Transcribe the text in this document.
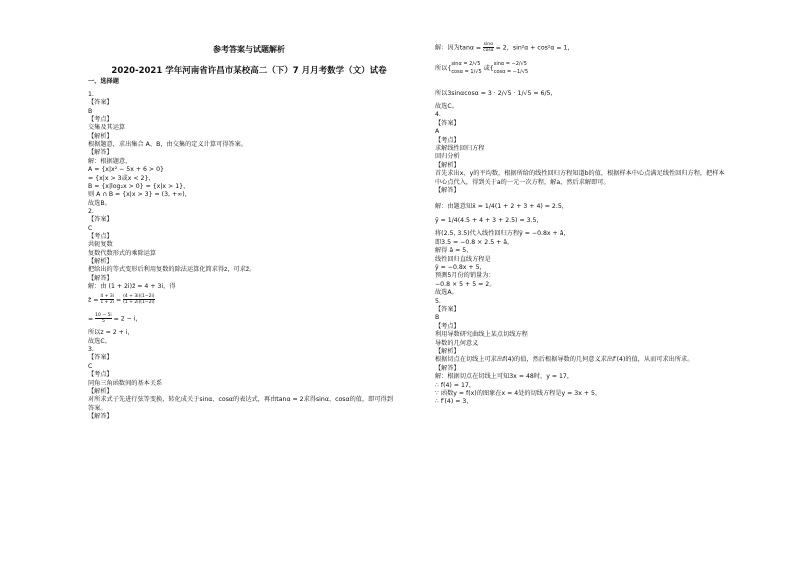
参考答案与试题解析
2020-2021 学年河南省许昌市某校高二（下）7 月月考数学（文）试卷
一、选择题
1.
【答案】
B
【考点】
交集及其运算
【解析】
根据题意，求出集合 A、B，由交集的定义计算可得答案。
【解答】
解：根据题意，
A = {x|x² − 5x + 6 > 0}
= {x|x > 3或x < 2}，
B = {x|log₂x > 0} = {x|x > 1}，
则 A ∩ B = {x|x > 3} = (3, +∞)，
故选B。
2.
【答案】
C
【考点】
共轭复数
复数代数形式的乘除运算
【解析】
把给出的等式变形后利用复数的除法运算化简求得z，可求z̄。
【解答】
解：由 (1 + 2i)z̄ = 4 + 3i，得
z̄ = $\frac{4 + 3i}{1 + 2i} = \frac{(4 + 3i)(1-2i)}{(1 + 2i)(1-2i)}$
= $\frac{10 - 5i}{5} = 2 - i$，
所以z = 2 + i，
故选C。
3.
【答案】
C
【考点】
同角三角函数间的基本关系
【解析】
对所求式子先进行弦等变换，转化成关于sinα、cosα的表达式，再由tanα = 2求得sinα、cosα的值，即可得到
答案。
【解答】
解：因为$\tan\alpha = \frac{\sin\alpha}{\cos\alpha} = 2$，sin²α + cos²α = 1，
所以{
sinα = 2/√5
cosα = 1/√5 或{
sinα = −2/√5
cosα = −1/√5
所以3sinαcosα = 3 · 2/√5 · 1/√5 = 6/5，
故选C。
4.
【答案】
A
【考点】
求解线性回归方程
回归分析
【解析】
首先求出x、y的平均数，根据所给的线性回归方程知道b的值，根据样本中心点满足线性回归方程，把样本
中心点代入，得到关于a的一元一次方程，解a，然后求解即可。
【解答】
解：由题意知x̄ = 1/4(1 + 2 + 3 + 4) = 2.5，
ȳ = 1/4(4.5 + 4 + 3 + 2.5) = 3.5，
将(2.5, 3.5)代入线性回归方程ŷ = −0.8x + â，
即3.5 = −0.8 × 2.5 + â，
解得 â = 5，
线性回归直线方程是
ŷ = −0.8x + 5，
预测5月份的销量为：
−0.8 × 5 + 5 = 2。
故选A。
5.
【答案】
B
【考点】
利用导数研究曲线上某点切线方程
导数的几何意义
【解析】
根据切点在切线上可求出f(4)的值，然后根据导数的几何意义求出f′(4)的值，从而可求出所求。
【解答】
解：根据切点在切线上可知3x = 48时，y = 17，
∴ f(4) = 17，
∵ 函数y = f(x)的图象在x = 4处的切线方程是y = 3x + 5，
∴ f′(4) = 3，
